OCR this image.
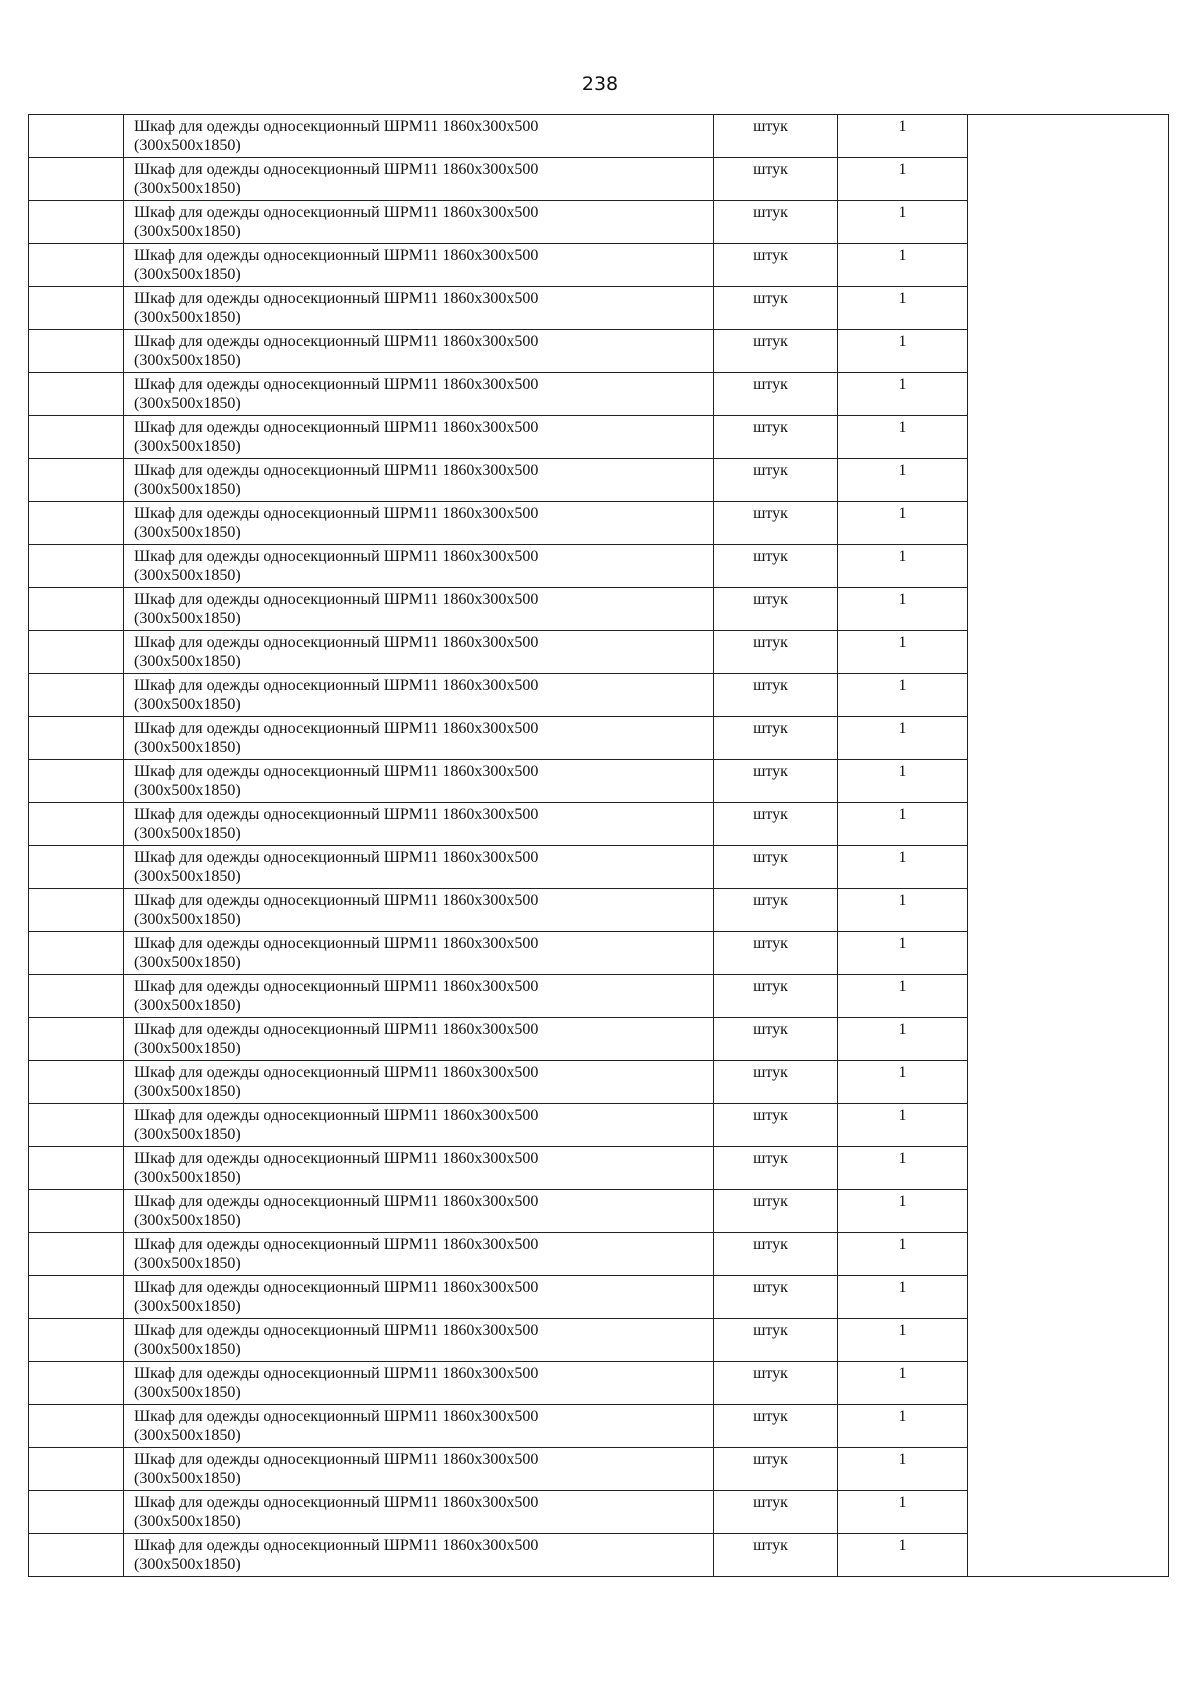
238

	Шкаф для одежды односекционный ШРМ11 1860х300х500
(300х500х1850)	штук	1	

	Шкаф для одежды односекционный ШРМ11 1860х300х500
(300х500х1850)	штук	1	

	Шкаф для одежды односекционный ШРМ11 1860х300х500
(300х500х1850)	штук	1	

	Шкаф для одежды односекционный ШРМ11 1860х300х500
(300х500х1850)	штук	1	

	Шкаф для одежды односекционный ШРМ11 1860х300х500
(300х500х1850)	штук	1	

	Шкаф для одежды односекционный ШРМ11 1860х300х500
(300х500х1850)	штук	1	

	Шкаф для одежды односекционный ШРМ11 1860х300х500
(300х500х1850)	штук	1	

	Шкаф для одежды односекционный ШРМ11 1860х300х500
(300х500х1850)	штук	1	

	Шкаф для одежды односекционный ШРМ11 1860х300х500
(300х500х1850)	штук	1	

	Шкаф для одежды односекционный ШРМ11 1860х300х500
(300х500х1850)	штук	1	

	Шкаф для одежды односекционный ШРМ11 1860х300х500
(300х500х1850)	штук	1	

	Шкаф для одежды односекционный ШРМ11 1860х300х500
(300х500х1850)	штук	1	

	Шкаф для одежды односекционный ШРМ11 1860х300х500
(300х500х1850)	штук	1	

	Шкаф для одежды односекционный ШРМ11 1860х300х500
(300х500х1850)	штук	1	

	Шкаф для одежды односекционный ШРМ11 1860х300х500
(300х500х1850)	штук	1	

	Шкаф для одежды односекционный ШРМ11 1860х300х500
(300х500х1850)	штук	1	

	Шкаф для одежды односекционный ШРМ11 1860х300х500
(300х500х1850)	штук	1	

	Шкаф для одежды односекционный ШРМ11 1860х300х500
(300х500х1850)	штук	1	

	Шкаф для одежды односекционный ШРМ11 1860х300х500
(300х500х1850)	штук	1	

	Шкаф для одежды односекционный ШРМ11 1860х300х500
(300х500х1850)	штук	1	

	Шкаф для одежды односекционный ШРМ11 1860х300х500
(300х500х1850)	штук	1	

	Шкаф для одежды односекционный ШРМ11 1860х300х500
(300х500х1850)	штук	1	

	Шкаф для одежды односекционный ШРМ11 1860х300х500
(300х500х1850)	штук	1	

	Шкаф для одежды односекционный ШРМ11 1860х300х500
(300х500х1850)	штук	1	

	Шкаф для одежды односекционный ШРМ11 1860х300х500
(300х500х1850)	штук	1	

	Шкаф для одежды односекционный ШРМ11 1860х300х500
(300х500х1850)	штук	1	

	Шкаф для одежды односекционный ШРМ11 1860х300х500
(300х500х1850)	штук	1	

	Шкаф для одежды односекционный ШРМ11 1860х300х500
(300х500х1850)	штук	1	

	Шкаф для одежды односекционный ШРМ11 1860х300х500
(300х500х1850)	штук	1	

	Шкаф для одежды односекционный ШРМ11 1860х300х500
(300х500х1850)	штук	1	

	Шкаф для одежды односекционный ШРМ11 1860х300х500
(300х500х1850)	штук	1	

	Шкаф для одежды односекционный ШРМ11 1860х300х500
(300х500х1850)	штук	1	

	Шкаф для одежды односекционный ШРМ11 1860х300х500
(300х500х1850)	штук	1	

	Шкаф для одежды односекционный ШРМ11 1860х300х500
(300х500х1850)	штук	1	
